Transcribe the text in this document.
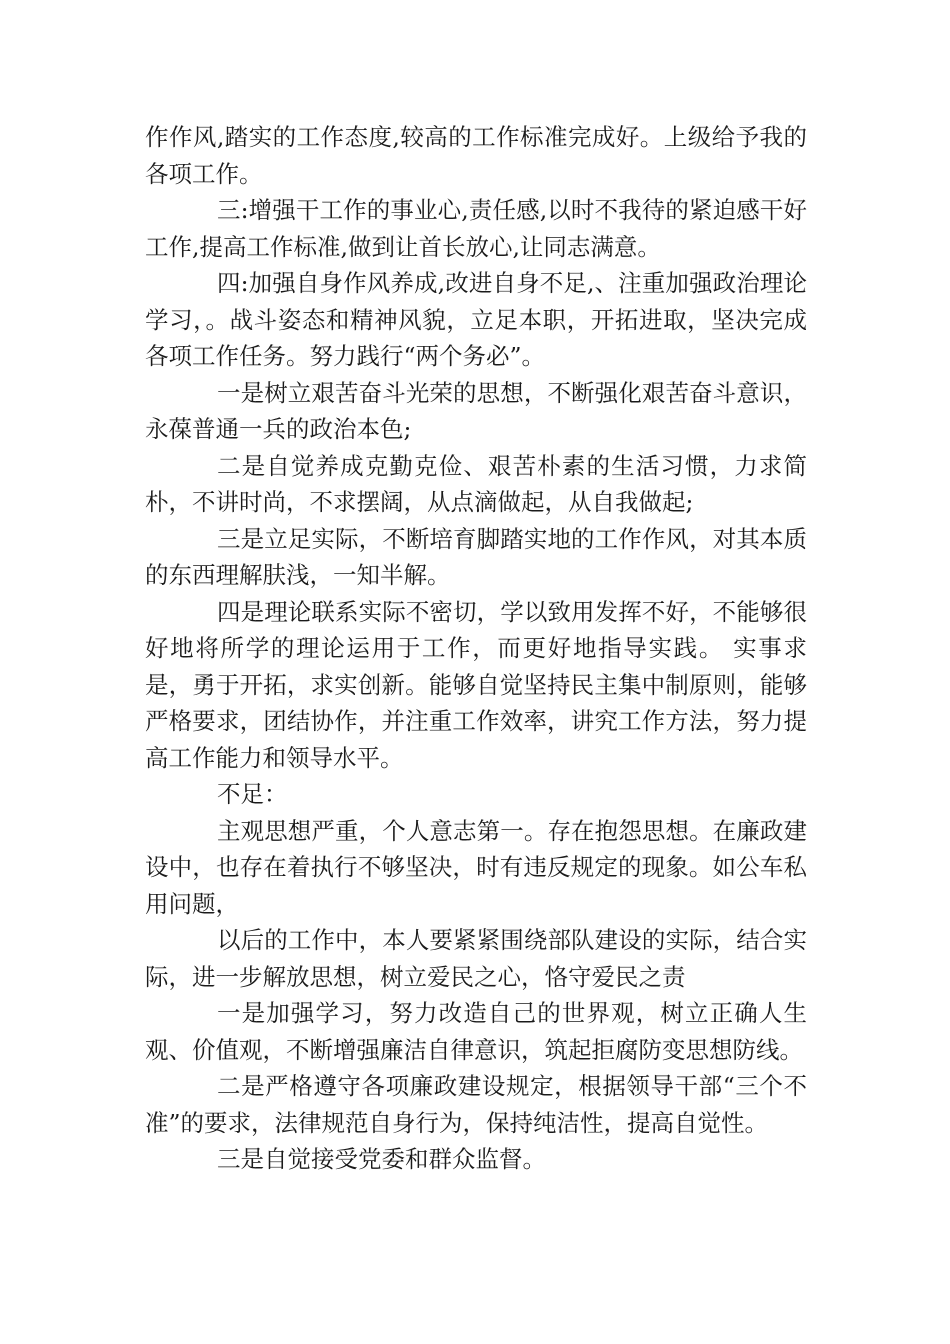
作作风,踏实的工作态度,较高的工作标准完成好。上级给予我的各项工作。

三:增强干工作的事业心,责任感,以时不我待的紧迫感干好工作,提高工作标准,做到让首长放心,让同志满意。

四:加强自身作风养成,改进自身不足,、注重加强政治理论学习，。战斗姿态和精神风貌，立足本职，开拓进取，坚决完成各项工作任务。努力践行“两个务必”。

一是树立艰苦奋斗光荣的思想，不断强化艰苦奋斗意识，永葆普通一兵的政治本色;

二是自觉养成克勤克俭、艰苦朴素的生活习惯，力求简朴，不讲时尚，不求摆阔，从点滴做起，从自我做起;

三是立足实际，不断培育脚踏实地的工作作风，对其本质的东西理解肤浅，一知半解。

四是理论联系实际不密切，学以致用发挥不好，不能够很好地将所学的理论运用于工作，而更好地指导实践。 实事求是，勇于开拓，求实创新。能够自觉坚持民主集中制原则，能够严格要求，团结协作，并注重工作效率，讲究工作方法，努力提高工作能力和领导水平。

不足：

主观思想严重，个人意志第一。存在抱怨思想。在廉政建设中，也存在着执行不够坚决，时有违反规定的现象。如公车私用问题，

以后的工作中，本人要紧紧围绕部队建设的实际，结合实际，进一步解放思想，树立爱民之心，恪守爱民之责

一是加强学习，努力改造自己的世界观，树立正确人生观、价值观，不断增强廉洁自律意识，筑起拒腐防变思想防线。

二是严格遵守各项廉政建设规定，根据领导干部“三个不准”的要求，法律规范自身行为，保持纯洁性，提高自觉性。

三是自觉接受党委和群众监督。
